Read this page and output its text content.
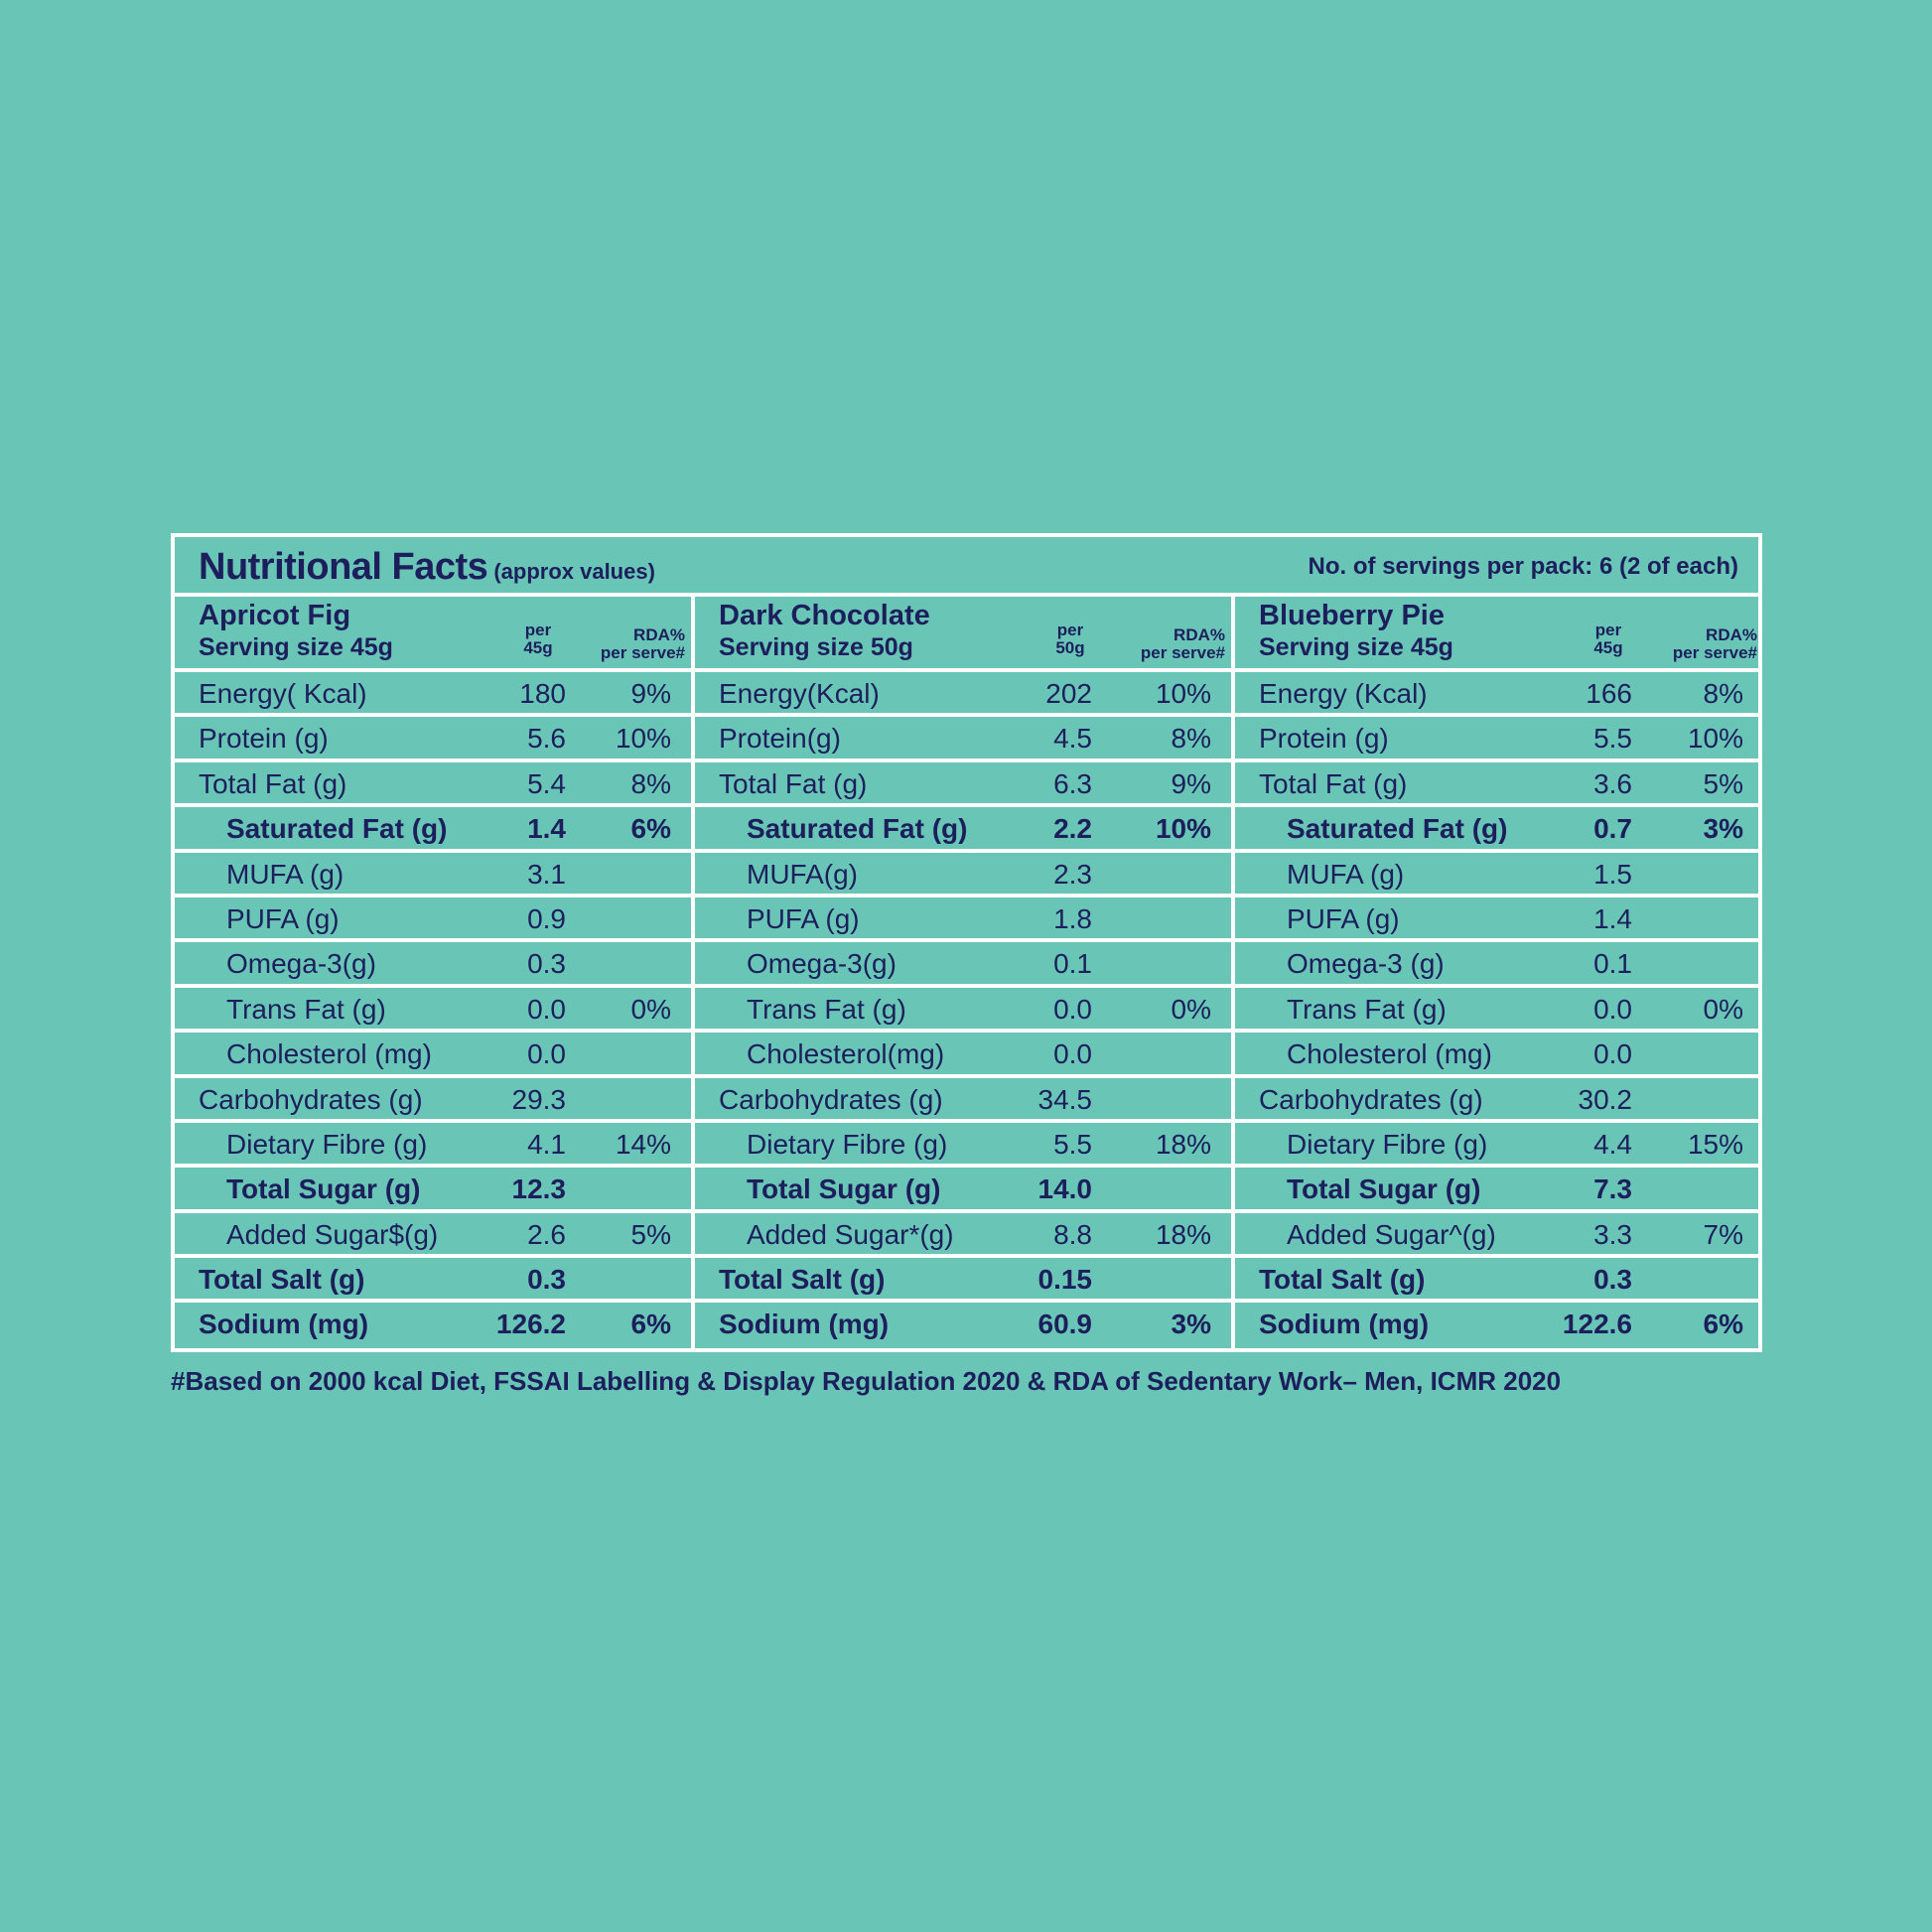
Nutritional Facts (approx values)	No. of servings per pack: 6 (2 of each)
Apricot Fig
Serving size 45g
per
45g
RDA%
per serve#
Energy( Kcal)	180 9%
Protein (g)	5.6 10%
Total Fat (g)	5.4 8%
Saturated Fat (g)	1.4 6%
MUFA (g)	3.1
PUFA (g)	0.9
Omega-3(g)	0.3
Trans Fat (g)	0.0 0%
Cholesterol (mg)	0.0
Carbohydrates (g)	29.3
Dietary Fibre (g)	4.1 14%
Total Sugar (g)	12.3
Added Sugar$(g)	2.6 5%
Total Salt (g)	0.3
Sodium (mg)	126.2 6%
Dark Chocolate
Serving size 50g
per
50g
RDA%
per serve#
Energy(Kcal)	202 10%
Protein(g)	4.5	8%
Total Fat (g)	6.3	9%
Saturated Fat (g)	2.2 10%
MUFA(g)	2.3
PUFA (g)	1.8
Omega-3(g)	0.1
Trans Fat (g)	0.0	0%
Cholesterol(mg)	0.0
Carbohydrates (g)	34.5
Dietary Fibre (g)	5.5 18%
Total Sugar (g)	14.0
Added Sugar*(g)	8.8 18%
Total Salt (g)	0.15
Sodium (mg)	60.9	3%
Blueberry Pie
Serving size 45g
per
45g
RDA%
per serve#
Energy (Kcal)	166	8%
Protein (g)	5.5 10%
Total Fat (g)	3.6	5%
Saturated Fat (g)	0.7	3%
MUFA (g)	1.5
PUFA (g)	1.4
Omega-3 (g)	0.1
Trans Fat (g)	0.0	0%
Cholesterol (mg)	0.0
Carbohydrates (g)	30.2
Dietary Fibre (g)	4.4 15%
Total Sugar (g)	7.3
Added Sugar^(g)	3.3	7%
Total Salt (g)	0.3
Sodium (mg)	122.6	6%
#Based on 2000 kcal Diet, FSSAI Labelling & Display Regulation 2020 & RDA of Sedentary Work– Men, ICMR 2020
